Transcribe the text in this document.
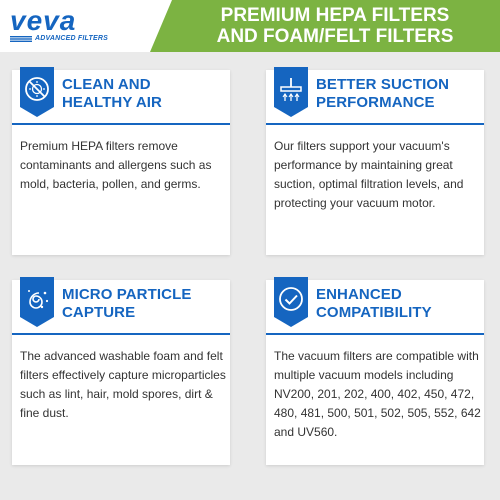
veva
ADVANCED FILTERS
PREMIUM HEPA FILTERS
AND FOAM/FELT FILTERS
CLEAN AND
HEALTHY AIR
Premium HEPA filters remove contaminants and allergens such as mold, bacteria, pollen, and germs.
BETTER SUCTION
PERFORMANCE
Our filters support your vacuum's performance by maintaining great suction, optimal filtration levels, and protecting your vacuum motor.
MICRO PARTICLE
CAPTURE
The advanced washable foam and felt filters effectively capture microparticles such as lint, hair, mold spores, dirt & fine dust.
ENHANCED
COMPATIBILITY
The vacuum filters are compatible with multiple vacuum models including NV200, 201, 202, 400, 402, 450, 472, 480, 481, 500, 501, 502, 505, 552, 642 and UV560.
